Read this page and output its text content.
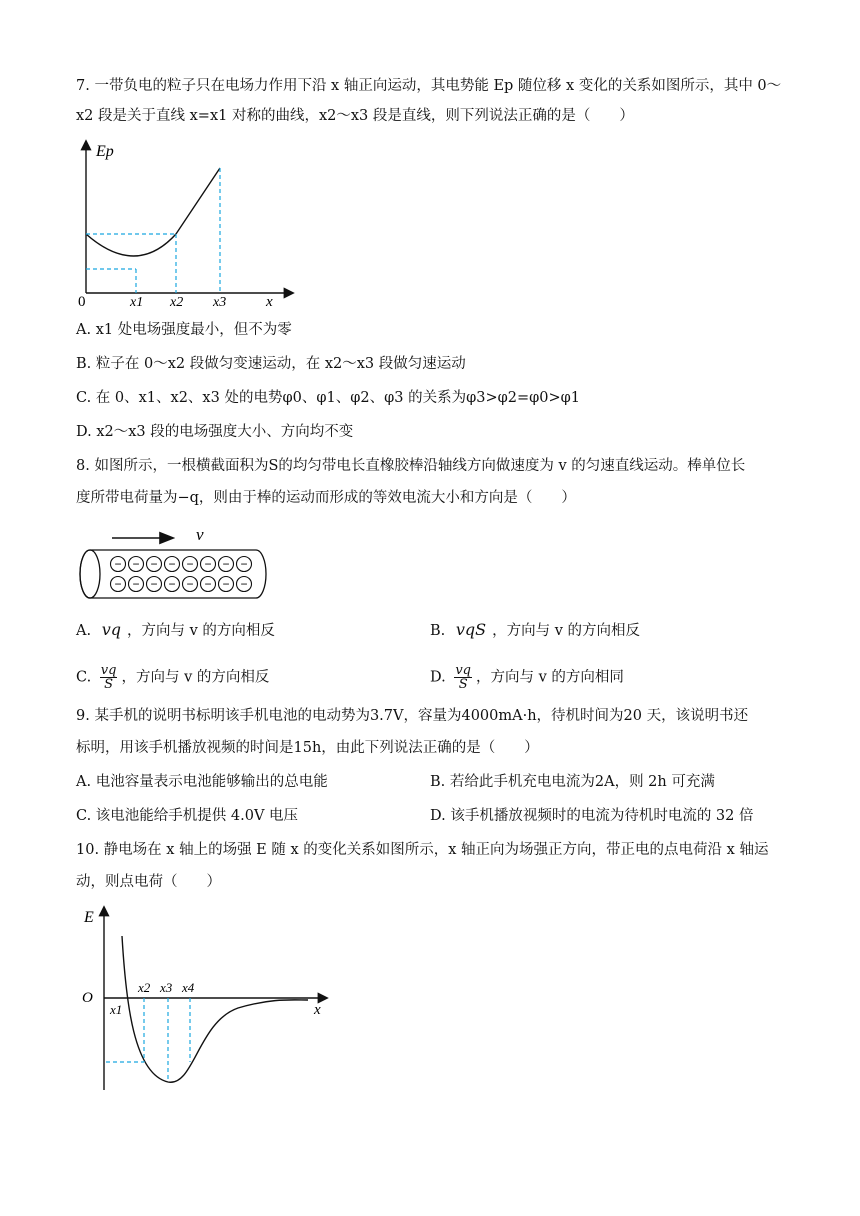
7. 一带负电的粒子只在电场力作用下沿 x 轴正向运动，其电势能 Ep 随位移 x 变化的关系如图所示，其中 0～
x2 段是关于直线 x=x1 对称的曲线，x2～x3 段是直线，则下列说法正确的是（　　）
Ep
0	x1 x2 x3	x
A. x1 处电场强度最小，但不为零
B. 粒子在 0～x2 段做匀变速运动，在 x2～x3 段做匀速运动
C. 在 0、x1、x2、x3 处的电势φ0、φ1、φ2、φ3 的关系为φ3>φ2=φ0>φ1
D. x2～x3 段的电场强度大小、方向均不变
8. 如图所示，一根横截面积为S的均匀带电长直橡胶棒沿轴线方向做速度为 v 的匀速直线运动。棒单位长
度所带电荷量为−q，则由于棒的运动而形成的等效电流大小和方向是（　　）
v
− − − − − − − −
− − − − − − − −
A. vq ，方向与 v 的方向相反	B. vqS ，方向与 v 的方向相反
C. $\frac{vq}{S}$ ，方向与 v 的方向相反	D. $\frac{vq}{S}$ ，方向与 v 的方向相同
9. 某手机的说明书标明该手机电池的电动势为3.7V，容量为4000mA·h，待机时间为20 天，该说明书还
标明，用该手机播放视频的时间是15h，由此下列说法正确的是（　　）
A. 电池容量表示电池能够输出的总电能	B. 若给此手机充电电流为2A，则 2h 可充满
C. 该电池能给手机提供 4.0V 电压	D. 该手机播放视频时的电流为待机时电流的 32 倍
10. 静电场在 x 轴上的场强 E 随 x 的变化关系如图所示，x 轴正向为场强正方向，带正电的点电荷沿 x 轴运
动，则点电荷（　　）
E
O
x1
x2 x3 x4
x
